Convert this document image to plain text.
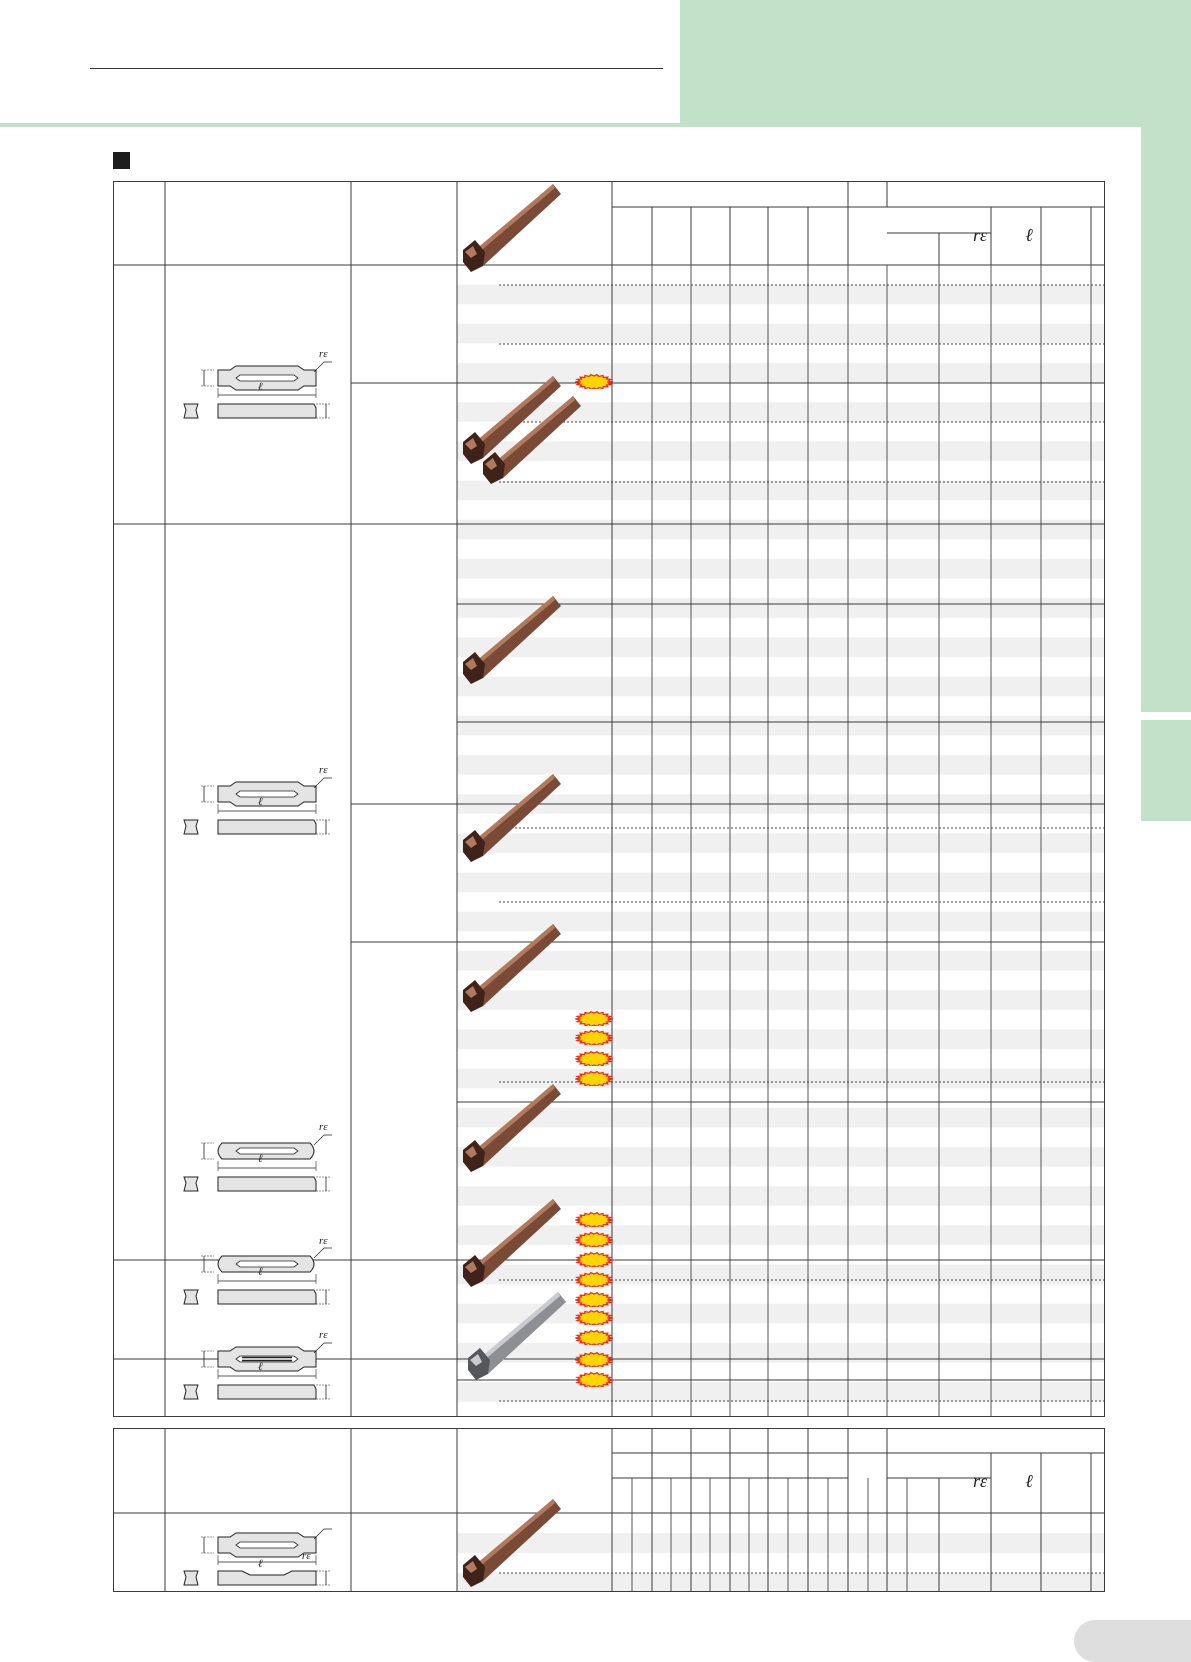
rε
ℓ
rε
ℓ
rε
ℓ
rε
ℓ
rε
ℓ
rε	ℓ
rε
ℓ
rε	ℓ
